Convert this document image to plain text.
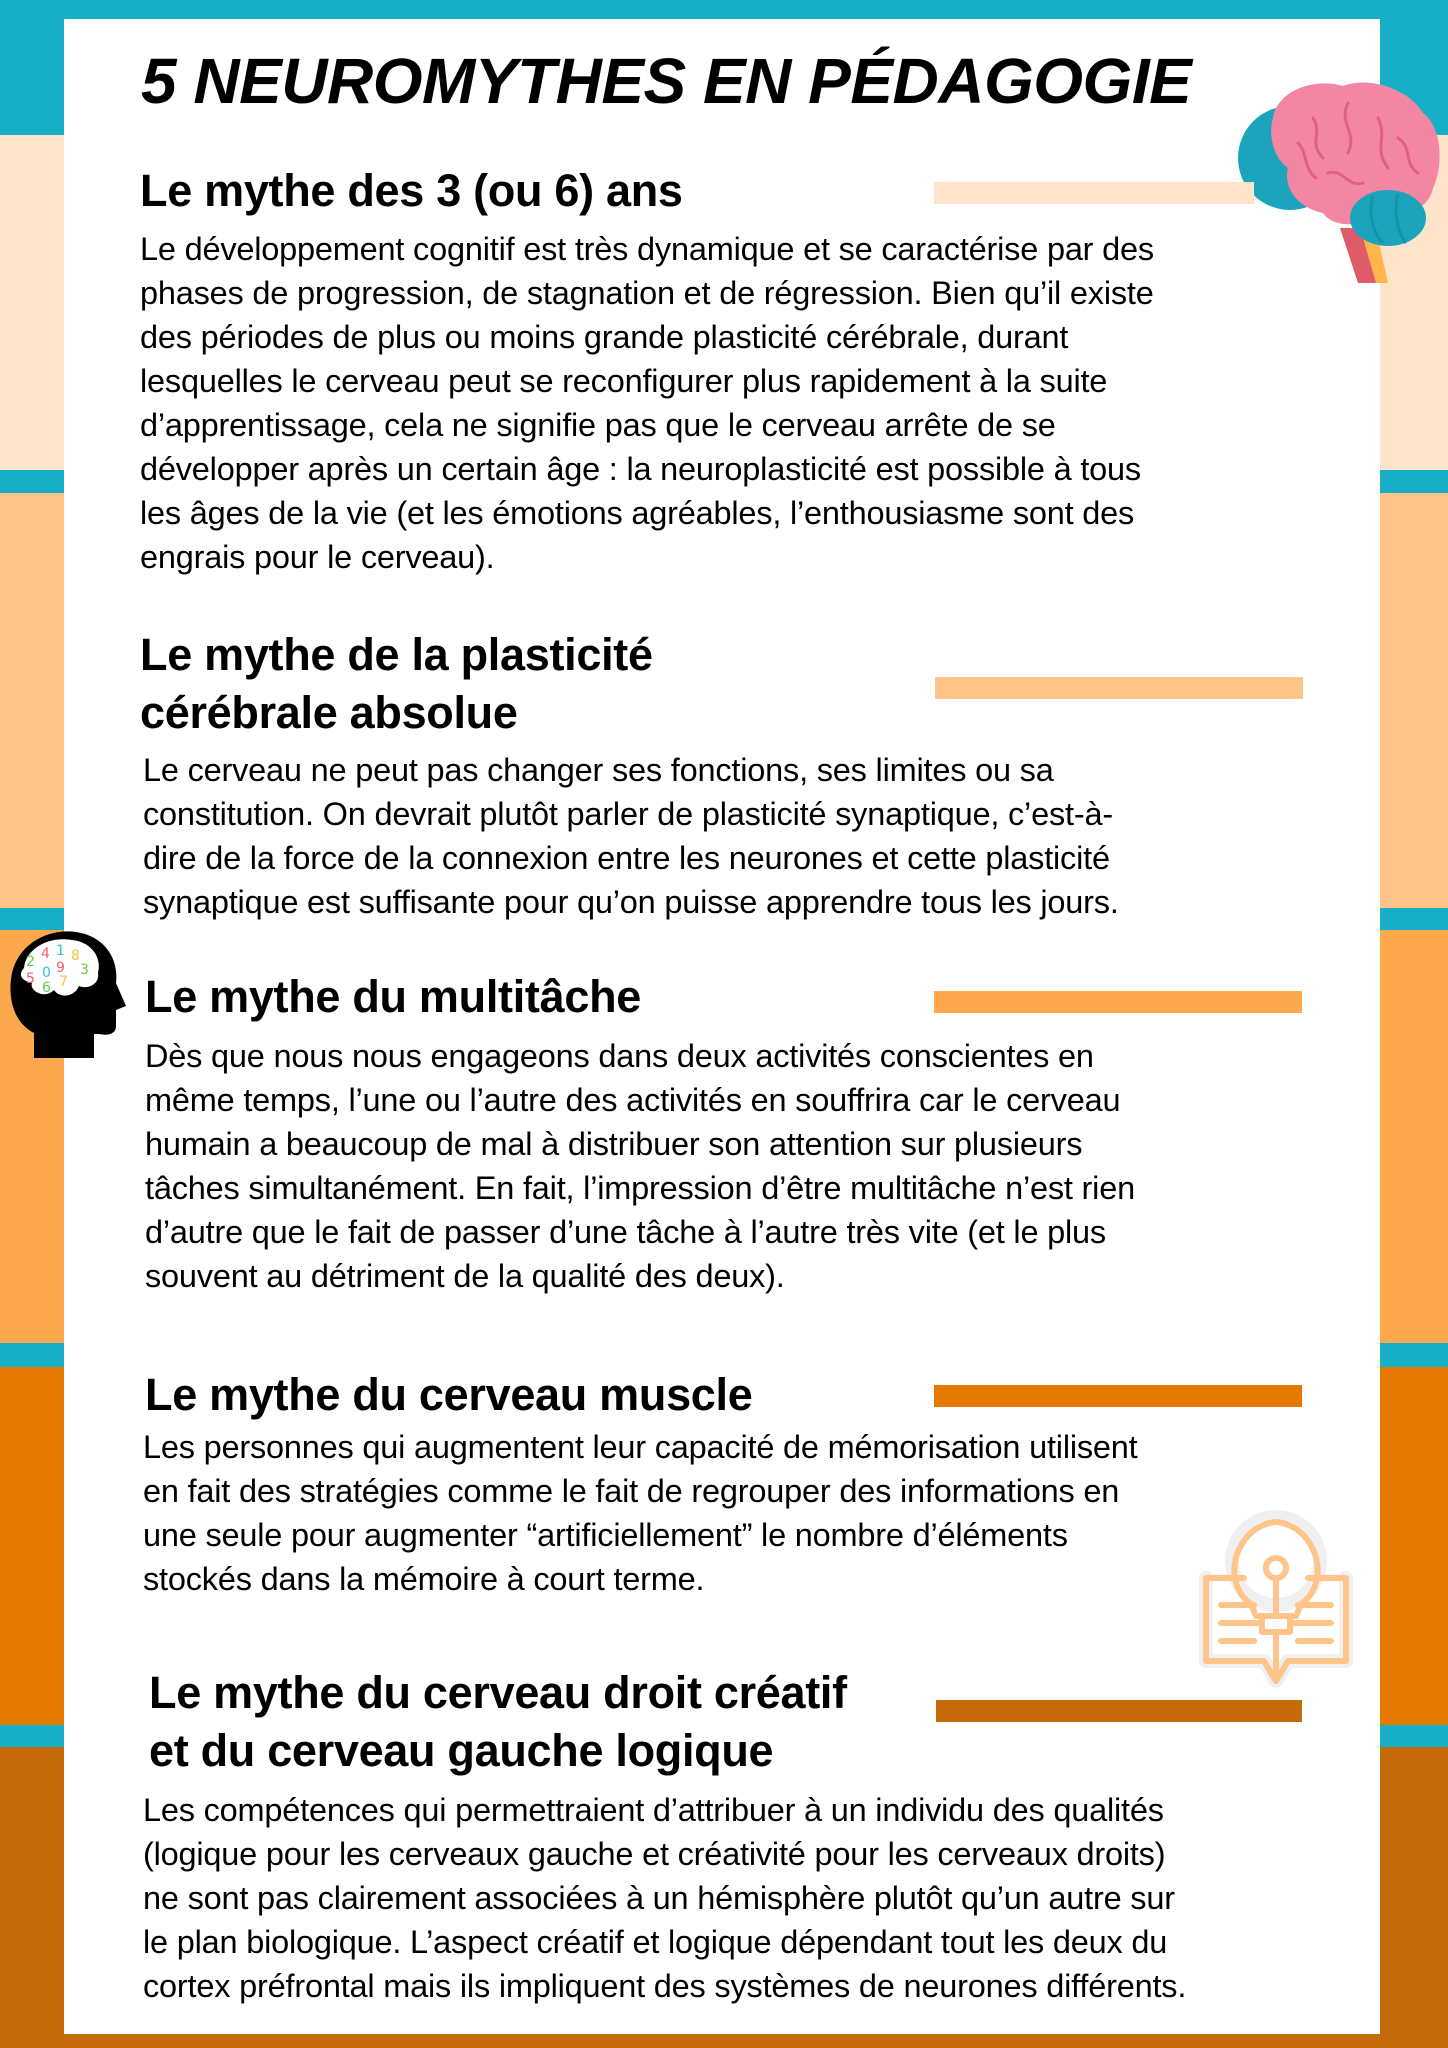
5 NEUROMYTHES EN PÉDAGOGIE
Le mythe des 3 (ou 6) ans
Le développement cognitif est très dynamique et se caractérise par des
phases de progression, de stagnation et de régression. Bien qu’il existe
des périodes de plus ou moins grande plasticité cérébrale, durant
lesquelles le cerveau peut se reconfigurer plus rapidement à la suite
d’apprentissage, cela ne signifie pas que le cerveau arrête de se
développer après un certain âge : la neuroplasticité est possible à tous
les âges de la vie (et les émotions agréables, l’enthousiasme sont des
engrais pour le cerveau).
Le mythe de la plasticité
cérébrale absolue
Le cerveau ne peut pas changer ses fonctions, ses limites ou sa
constitution. On devrait plutôt parler de plasticité synaptique, c’est-à-
dire de la force de la connexion entre les neurones et cette plasticité
synaptique est suffisante pour qu’on puisse apprendre tous les jours.
2 4 1 8
9 3
5 0
7
6 Le mythe du multitâche
Dès que nous nous engageons dans deux activités conscientes en
même temps, l’une ou l’autre des activités en souffrira car le cerveau
humain a beaucoup de mal à distribuer son attention sur plusieurs
tâches simultanément. En fait, l’impression d’être multitâche n’est rien
d’autre que le fait de passer d’une tâche à l’autre très vite (et le plus
souvent au détriment de la qualité des deux).
Le mythe du cerveau muscle
Les personnes qui augmentent leur capacité de mémorisation utilisent
en fait des stratégies comme le fait de regrouper des informations en
une seule pour augmenter “artificiellement” le nombre d’éléments
stockés dans la mémoire à court terme.
Le mythe du cerveau droit créatif
et du cerveau gauche logique
Les compétences qui permettraient d’attribuer à un individu des qualités
(logique pour les cerveaux gauche et créativité pour les cerveaux droits)
ne sont pas clairement associées à un hémisphère plutôt qu’un autre sur
le plan biologique. L’aspect créatif et logique dépendant tout les deux du
cortex préfrontal mais ils impliquent des systèmes de neurones différents.
